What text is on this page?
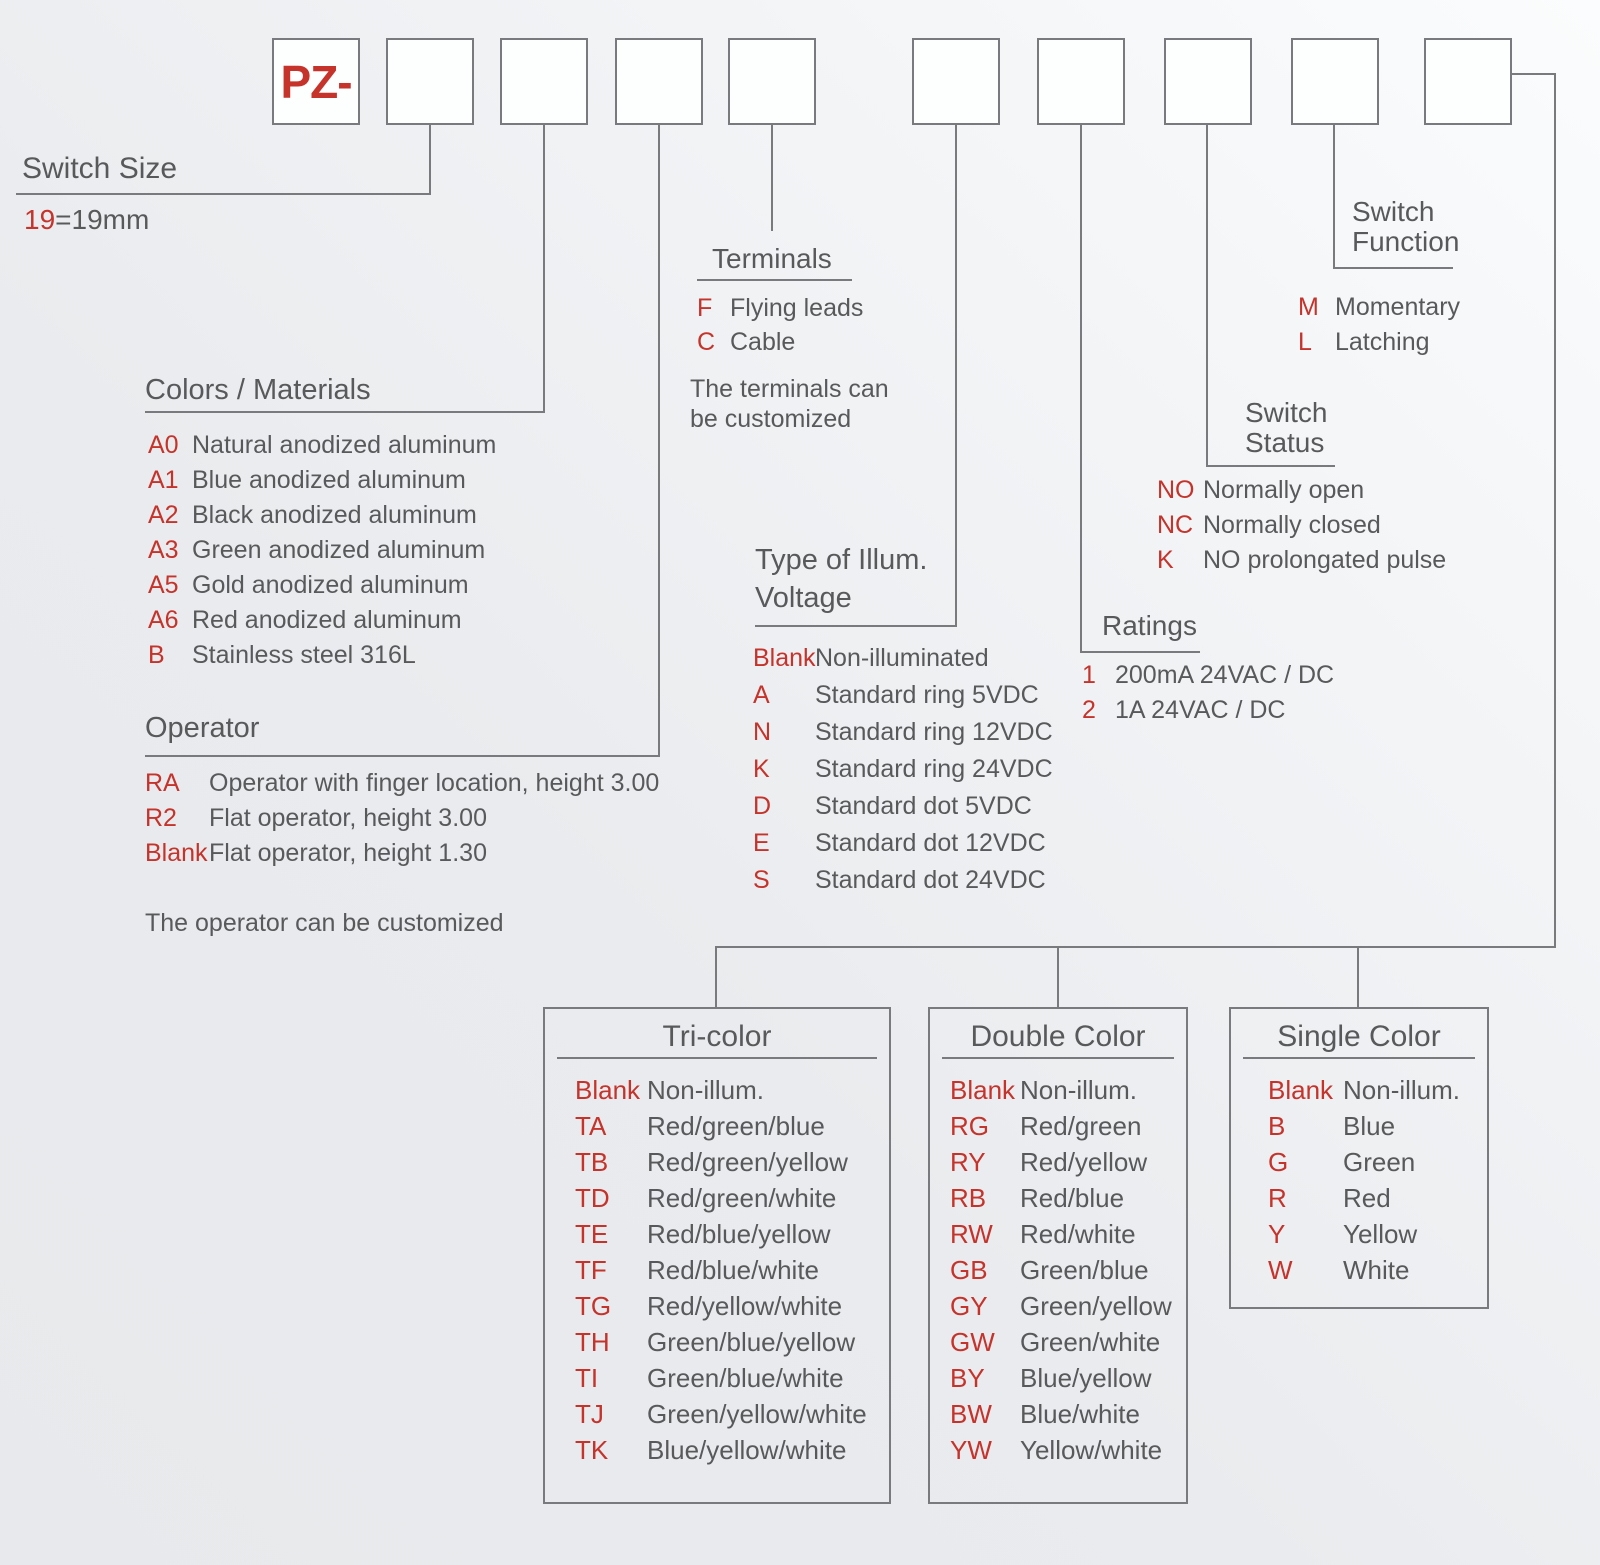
PZ-
Switch Size
19=19mm
Colors / Materials
A0 Natural anodized aluminum
A1 Blue anodized aluminum
A2 Black anodized aluminum
A3 Green anodized aluminum
A5 Gold anodized aluminum
A6 Red anodized aluminum
B	Stainless steel 316L
Operator
RA	Operator with finger location, height 3.00
R2	Flat operator, height 3.00
Blank Flat operator, height 1.30
The operator can be customized
Terminals
F Flying leads
C Cable
The terminals can be customized
Type of Illum. Voltage
Blank Non-illuminated
A	Standard ring 5VDC
N	Standard ring 12VDC
K	Standard ring 24VDC
D	Standard dot 5VDC
E	Standard dot 12VDC
S	Standard dot 24VDC
Ratings
1 200mA 24VAC / DC
2 1A 24VAC / DC
Switch Status
NO Normally open
NC Normally closed
K	NO prolongated pulse
Switch Function
M Momentary
L Latching
Tri-color
Blank Non-illum.
TA	Red/green/blue
TB	Red/green/yellow
TD	Red/green/white
TE	Red/blue/yellow
TF	Red/blue/white
TG	Red/yellow/white
TH	Green/blue/yellow
TI	Green/blue/white
TJ	Green/yellow/white
TK	Blue/yellow/white
Double Color
Blank Non-illum.
RG	Red/green
RY	Red/yellow
RB	Red/blue
RW	Red/white
GB	Green/blue
GY	Green/yellow
GW Green/white
BY	Blue/yellow
BW	Blue/white
YW	Yellow/white
Single Color
Blank Non-illum.
B	Blue
G	Green
R	Red
Y	Yellow
W	White
